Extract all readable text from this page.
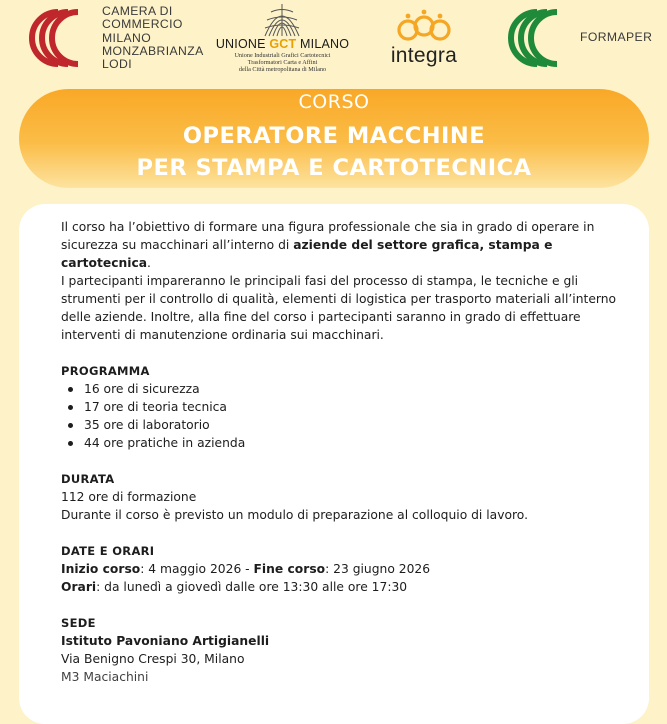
CAMERA DI
COMMERCIO
MILANO
MONZABRIANZA
LODI
UNIONE GCT MILANO
Unione Industriali Grafici Cartotecnici
Trasformatori Carta e Affini
della Città metropolitana di Milano
integra
FORMAPER
CORSO
OPERATORE MACCHINE
PER STAMPA E CARTOTECNICA

Il corso ha l’obiettivo di formare una figura professionale che sia in grado di operare in sicurezza su macchinari all’interno di aziende del settore grafica, stampa e cartotecnica.

I partecipanti impareranno le principali fasi del processo di stampa, le tecniche e gli strumenti per il controllo di qualità, elementi di logistica per trasporto materiali all’interno delle aziende. Inoltre, alla fine del corso i partecipanti saranno in grado di effettuare interventi di manutenzione ordinaria sui macchinari.

PROGRAMMA
16 ore di sicurezza
17 ore di teoria tecnica
35 ore di laboratorio
44 ore pratiche in azienda
DURATA

112 ore di formazione

Durante il corso è previsto un modulo di preparazione al colloquio di lavoro.

DATE E ORARI

Inizio corso: 4 maggio 2026 - Fine corso: 23 giugno 2026

Orari: da lunedì a giovedì dalle ore 13:30 alle ore 17:30

SEDE

Istituto Pavoniano Artigianelli

Via Benigno Crespi 30, Milano

M3 Maciachini
